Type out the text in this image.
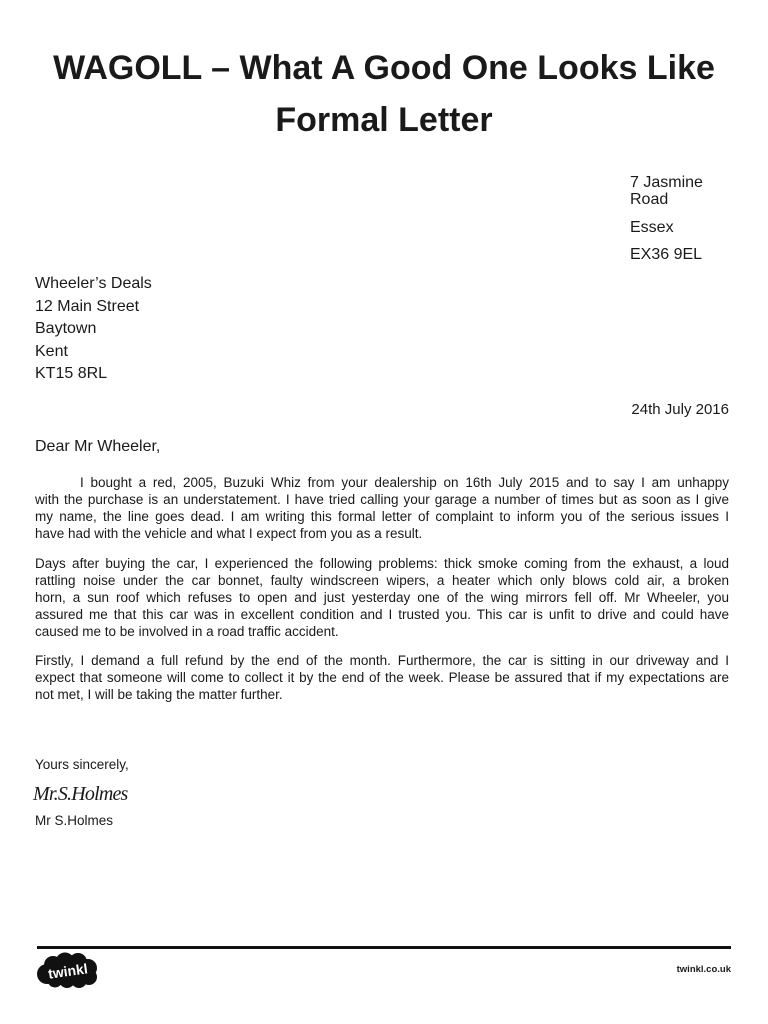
WAGOLL – What A Good One Looks Like
Formal Letter
7 Jasmine Road
Essex
EX36 9EL
Wheeler’s Deals
12 Main Street
Baytown
Kent
KT15 8RL
24th July 2016
Dear Mr Wheeler,
I bought a red, 2005, Buzuki Whiz from your dealership on 16th July 2015 and to say I am unhappy
with the purchase is an understatement. I have tried calling your garage a number of times but as soon as I give
my name, the line goes dead. I am writing this formal letter of complaint to inform you of the serious issues I
have had with the vehicle and what I expect from you as a result.
Days after buying the car, I experienced the following problems: thick smoke coming from the exhaust, a loud
rattling noise under the car bonnet, faulty windscreen wipers, a heater which only blows cold air, a broken
horn, a sun roof which refuses to open and just yesterday one of the wing mirrors fell off. Mr Wheeler, you
assured me that this car was in excellent condition and I trusted you. This car is unfit to drive and could have
caused me to be involved in a road traffic accident.
Firstly, I demand a full refund by the end of the month. Furthermore, the car is sitting in our driveway and I
expect that someone will come to collect it by the end of the week. Please be assured that if my expectations are
not met, I will be taking the matter further.
Yours sincerely,
Mr.S.Holmes
Mr S.Holmes
twinkl	twinkl.co.uk
